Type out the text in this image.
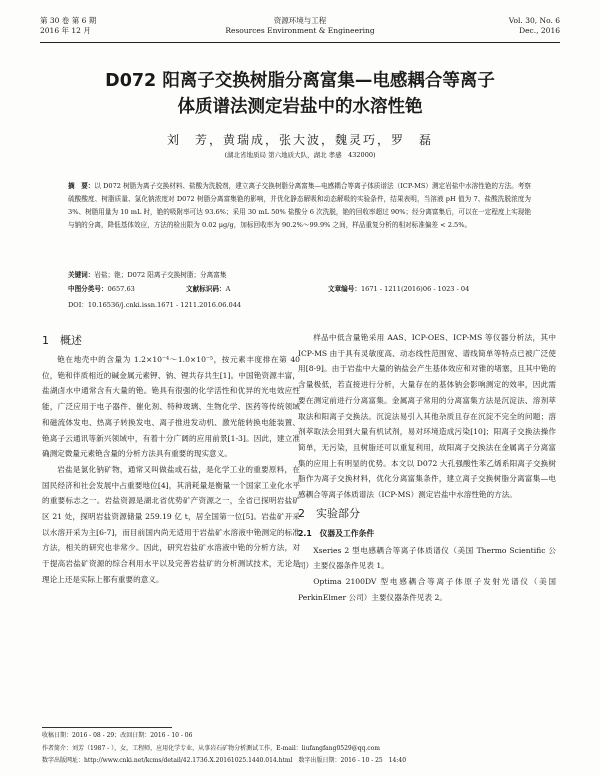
第 30 卷 第 6 期
2016 年 12 月
资源环境与工程
Resources Environment & Engineering
Vol. 30, No. 6
Dec., 2016
D072 阳离子交换树脂分离富集—电感耦合等离子
体质谱法测定岩盐中的水溶性铯
刘　芳，黄瑞成，张大波，魏灵巧，罗　磊
(湖北省地质局 第六地质大队，湖北 孝感　432000)
摘　要：以 D072 树脂为离子交换材料、盐酸为洗脱剂，建立离子交换树脂分离富集—电感耦合等离子体质谱法（ICP-MS）测定岩盐中水溶性铯的方法。考察硫酸酸度、树脂质量、氯化钠浓度对 D072 树脂分离富集铯的影响，并优化静态解吸和动态解吸的实验条件，结果表明，当溶液 pH 值为 7、盐酸洗脱浓度为 3%、树脂用量为 10 mL 时，铯的吸附率可达 93.6%；采用 30 mL 50% 盐酸分 6 次洗脱，铯的回收率超过 90%；经分离富集后，可以在一定程度上实现铯与钠的分离，降低基体效应，方法的检出限为 0.02 μg/g，加标回收率为 90.2%～99.9% 之间，样品重复分析的相对标准偏差 < 2.5%。
关键词：岩盐；铯；D072 阳离子交换树脂；分离富集
中图分类号：0657.63	文献标识码：A	文章编号：1671 - 1211(2016)06 - 1023 - 04
DOI：10.16536/j.cnki.issn.1671 - 1211.2016.06.044
1　概述

铯在地壳中的含量为 1.2×10⁻⁴～1.0×10⁻⁵，按元素丰度排在第 40 位，铯和伴质相近的碱金属元素钾、钠、锂共存共生[1]。中国铯资源丰富，盐湖卤水中通常含有大量的铯。铯具有很强的化学活性和优异的光电效应性能，广泛应用于电子器件、催化剂、特种玻璃、生物化学、医药等传统领域和磁流体发电、热离子转换发电、离子推进发动机、激光能转换电能装置、铯离子云通讯等新兴领域中，有着十分广阔的应用前景[1-3]。因此，建立准确测定微量元素铯含量的分析方法具有重要的现实意义。

岩盐是氯化钠矿物，通常又叫做盐或石盐，是化学工业的重要原料，在国民经济和社会发展中占重要地位[4]，其消耗量是衡量一个国家工业化水平的重要标志之一。岩盐资源是湖北省优势矿产资源之一，全省已探明岩盐矿区 21 处，探明岩盐资源储量 259.19 亿 t，居全国第一位[5]。岩盐矿开采以水溶开采为主[6-7]，而目前国内尚无适用于岩盐矿水溶液中铯测定的标准方法，相关的研究也非常少。因此，研究岩盐矿水溶液中铯的分析方法，对于提高岩盐矿资源的综合利用水平以及完善岩盐矿的分析测试技术，无论是理论上还是实际上都有重要的意义。

样品中低含量铯采用 AAS、ICP-OES、ICP-MS 等仪器分析法，其中 ICP-MS 由于具有灵敏度高、动态线性范围宽、谱线简单等特点已被广泛使用[8-9]。由于岩盐中大量的钠盐会产生基体效应和对锥的堵塞，且其中铯的含量极低，若直接进行分析，大量存在的基体钠会影响测定的效率，因此需要在测定前进行分离富集。金属离子常用的分离富集方法是沉淀法、溶剂萃取法和阳离子交换法。沉淀法易引入其他杂质且存在沉淀不完全的问题；溶剂萃取法会用到大量有机试剂，易对环境造成污染[10]；阳离子交换法操作简单，无污染，且树脂还可以重复利用，故阳离子交换法在金属离子分离富集的应用上有明显的优势。本文以 D072 大孔强酸性苯乙烯系阳离子交换树脂作为离子交换材料，优化分离富集条件，建立离子交换树脂分离富集—电感耦合等离子体质谱法（ICP-MS）测定岩盐中水溶性铯的方法。

2　实验部分
2.1　仪器及工作条件

Xseries 2 型电感耦合等离子体质谱仪（美国 Thermo Scientific 公司）主要仪器条件见表 1。

Optima 2100DV 型电感耦合等离子体原子发射光谱仪（美国 PerkinElmer 公司）主要仪器条件见表 2。

收稿日期：2016 - 08 - 29；改回日期：2016 - 10 - 06
作者简介：刘芳（1987 - ），女，工程师，应用化学专业，从事岩石矿物分析测试工作，E-mail：liufangfang0529@qq.com
数字出版网址：http://www.cnki.net/kcms/detail/42.1736.X.20161025.1440.014.html　数字出版日期：2016 - 10 - 25　14:40
